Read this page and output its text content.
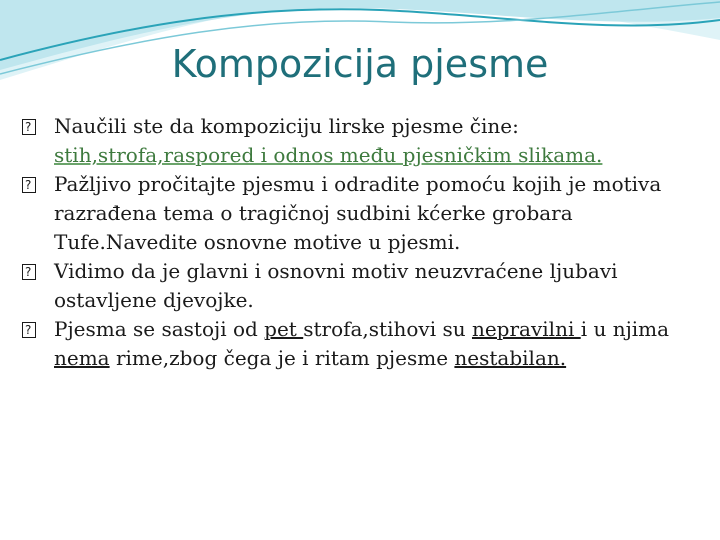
Kompozicija pjesme

?Naučili ste da kompoziciju lirske pjesme čine: stih,strofa,raspored i odnos među pjesničkim slikama.

?Pažljivo pročitajte pjesmu i odradite pomoću kojih je motiva razrađena tema o tragičnoj sudbini kćerke grobara Tufe.Navedite osnovne motive u pjesmi.

?Vidimo da je glavni i osnovni motiv neuzvraćene ljubavi ostavljene djevojke.

?Pjesma se sastoji od pet strofa,stihovi su nepravilni i u njima nema rime,zbog čega je i ritam pjesme nestabilan.
